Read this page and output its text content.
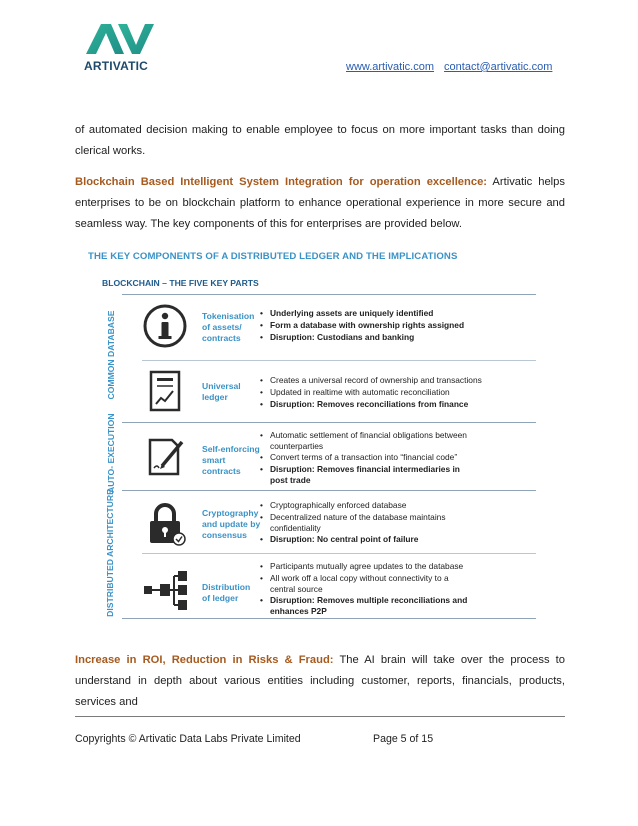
ARTIVATIC	www.artivatic.com contact@artivatic.com
of automated decision making to enable employee to focus on more important tasks than doing clerical works.
Blockchain Based Intelligent System Integration for operation excellence: Artivatic helps enterprises to be on blockchain platform to enhance operational experience in more secure and seamless way. The key components of this for enterprises are provided below.
THE KEY COMPONENTS OF A DISTRIBUTED LEDGER AND THE IMPLICATIONS
BLOCKCHAIN – THE FIVE KEY PARTS
COMMON DATABASE
AUTO- EXECUTION
DISTRIBUTED ARCHITECTURE
Tokenisation
of assets/
contracts
• Underlying assets are uniquely identified
• Form a database with ownership rights assigned
• Disruption: Custodians and banking
Universal
ledger
• Creates a universal record of ownership and transactions
• Updated in realtime with automatic reconciliation
• Disruption: Removes reconciliations from finance
Self-enforcing
smart
contracts
• Automatic settlement of financial obligations between counterparties
• Convert terms of a transaction into “financial code”
• Disruption: Removes financial intermediaries in post trade
Cryptography
and update by
consensus
• Cryptographically enforced database
• Decentralized nature of the database maintains confidentiality
• Disruption: No central point of failure
Distribution
of ledger
• Participants mutually agree updates to the database
• All work off a local copy without connectivity to a central source
• Disruption: Removes multiple reconciliations and enhances P2P
Increase in ROI, Reduction in Risks & Fraud: The AI brain will take over the process to understand in depth about various entities including customer, reports, financials, products, services and
Copyrights © Artivatic Data Labs Private Limited	Page 5 of 15
